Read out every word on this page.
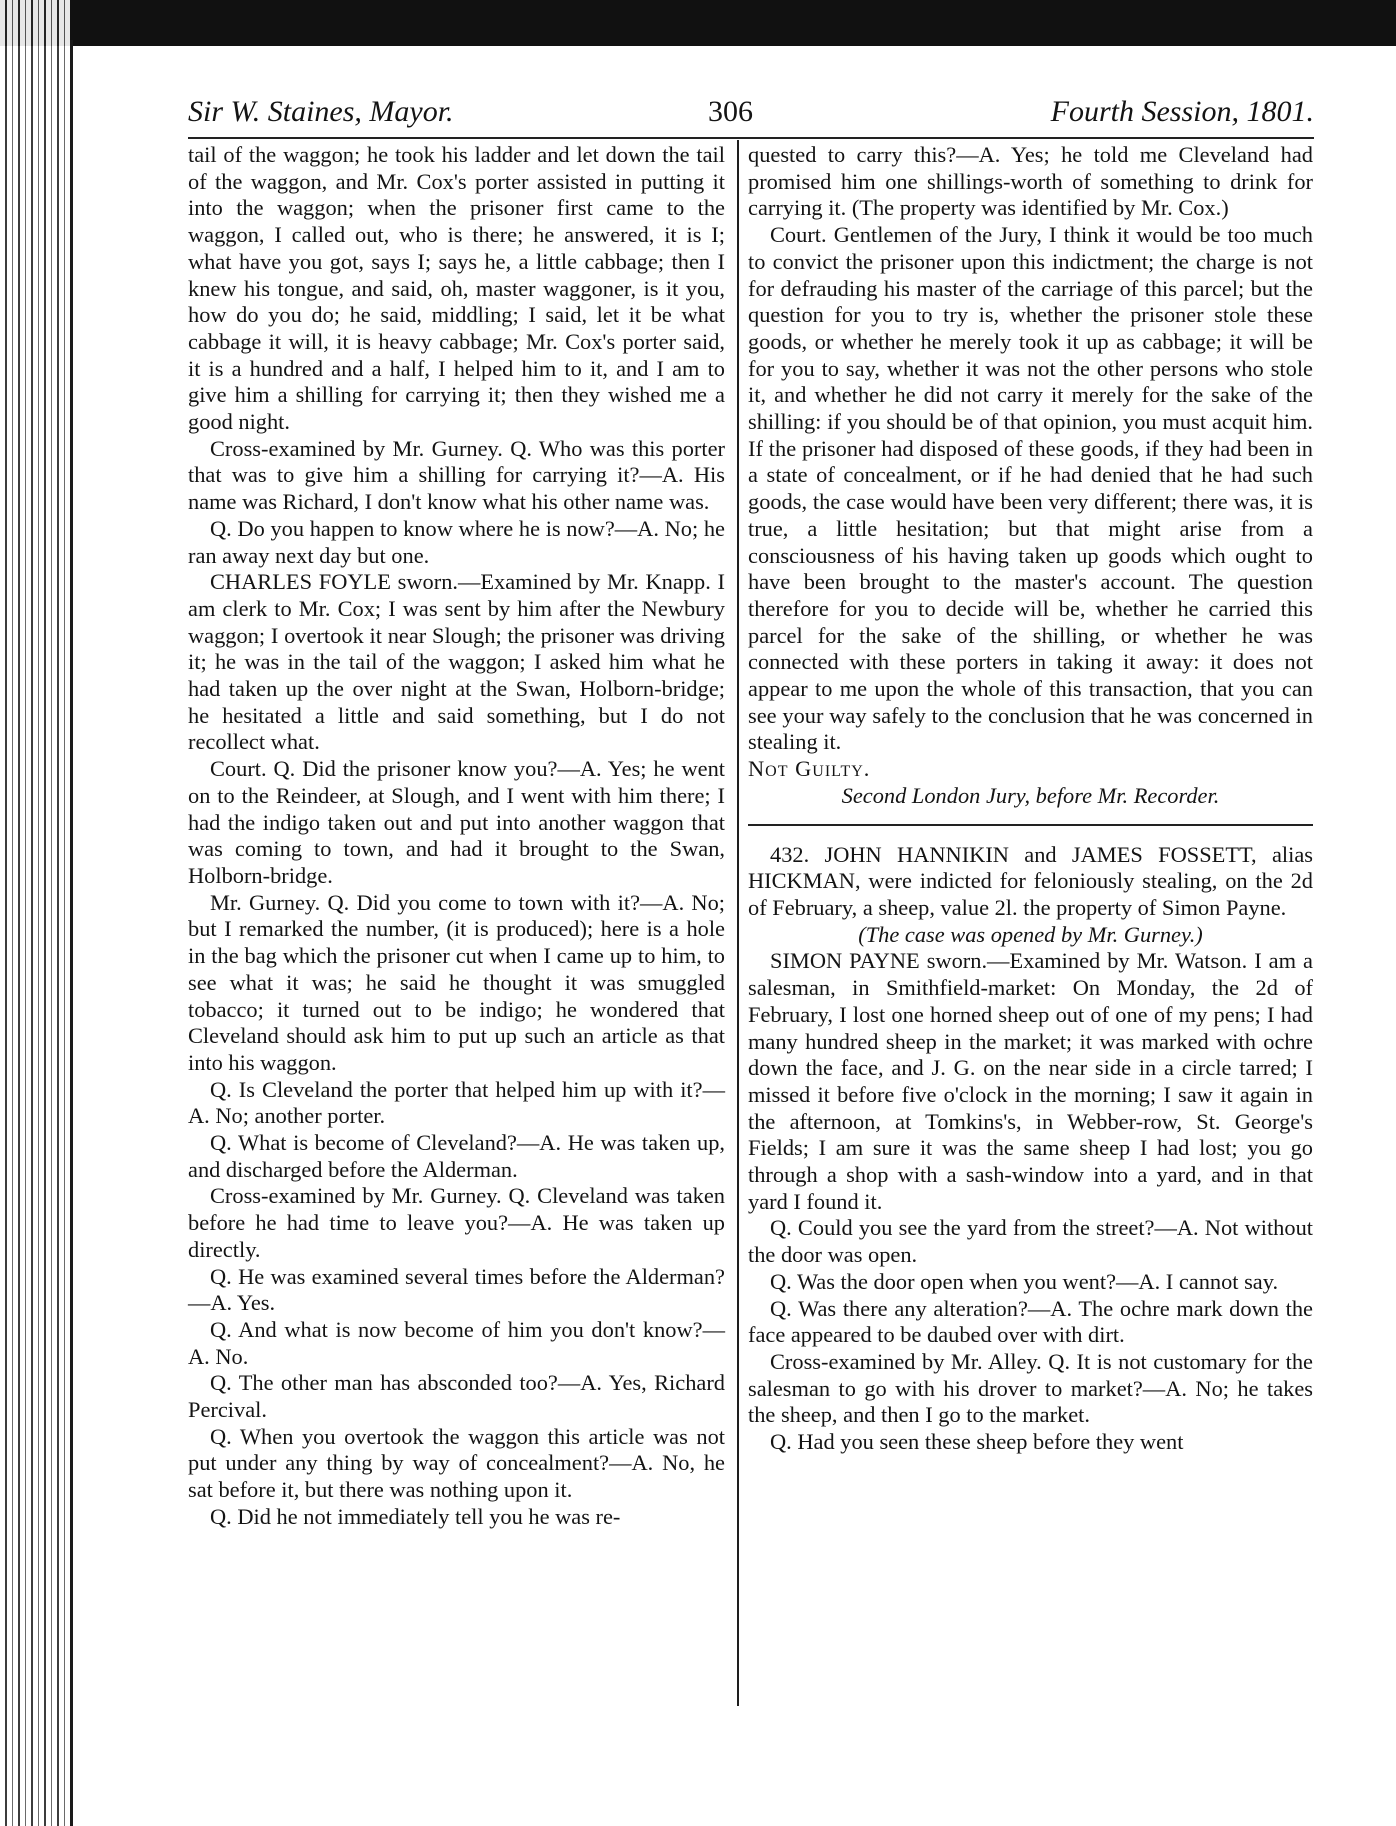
Sir W. Staines, Mayor.	306	Fourth Session, 1801.

tail of the waggon; he took his ladder and let down the tail of the waggon, and Mr. Cox's porter assisted in putting it into the waggon; when the prisoner first came to the waggon, I called out, who is there; he answered, it is I; what have you got, says I; says he, a little cabbage; then I knew his tongue, and said, oh, master waggoner, is it you, how do you do; he said, middling; I said, let it be what cabbage it will, it is heavy cabbage; Mr. Cox's porter said, it is a hundred and a half, I helped him to it, and I am to give him a shilling for carrying it; then they wished me a good night.

Cross-examined by Mr. Gurney. Q. Who was this porter that was to give him a shilling for carrying it?—A. His name was Richard, I don't know what his other name was.

Q. Do you happen to know where he is now?—A. No; he ran away next day but one.

CHARLES FOYLE sworn.—Examined by Mr. Knapp. I am clerk to Mr. Cox; I was sent by him after the Newbury waggon; I overtook it near Slough; the prisoner was driving it; he was in the tail of the waggon; I asked him what he had taken up the over night at the Swan, Holborn-bridge; he hesitated a little and said something, but I do not recollect what.

Court. Q. Did the prisoner know you?—A. Yes; he went on to the Reindeer, at Slough, and I went with him there; I had the indigo taken out and put into another waggon that was coming to town, and had it brought to the Swan, Holborn-bridge.

Mr. Gurney. Q. Did you come to town with it?—A. No; but I remarked the number, (it is produced); here is a hole in the bag which the prisoner cut when I came up to him, to see what it was; he said he thought it was smuggled tobacco; it turned out to be indigo; he wondered that Cleveland should ask him to put up such an article as that into his waggon.

Q. Is Cleveland the porter that helped him up with it?—A. No; another porter.

Q. What is become of Cleveland?—A. He was taken up, and discharged before the Alderman.

Cross-examined by Mr. Gurney. Q. Cleveland was taken before he had time to leave you?—A. He was taken up directly.

Q. He was examined several times before the Alderman?—A. Yes.

Q. And what is now become of him you don't know?—A. No.

Q. The other man has absconded too?—A. Yes, Richard Percival.

Q. When you overtook the waggon this article was not put under any thing by way of concealment?—A. No, he sat before it, but there was nothing upon it.

Q. Did he not immediately tell you he was re-

quested to carry this?—A. Yes; he told me Cleveland had promised him one shillings-worth of something to drink for carrying it. (The property was identified by Mr. Cox.)

Court. Gentlemen of the Jury, I think it would be too much to convict the prisoner upon this indictment; the charge is not for defrauding his master of the carriage of this parcel; but the question for you to try is, whether the prisoner stole these goods, or whether he merely took it up as cabbage; it will be for you to say, whether it was not the other persons who stole it, and whether he did not carry it merely for the sake of the shilling: if you should be of that opinion, you must acquit him. If the prisoner had disposed of these goods, if they had been in a state of concealment, or if he had denied that he had such goods, the case would have been very different; there was, it is true, a little hesitation; but that might arise from a consciousness of his having taken up goods which ought to have been brought to the master's account. The question therefore for you to decide will be, whether he carried this parcel for the sake of the shilling, or whether he was connected with these porters in taking it away: it does not appear to me upon the whole of this transaction, that you can see your way safely to the conclusion that he was concerned in stealing it.

Not Guilty.

Second London Jury, before Mr. Recorder.

432. JOHN HANNIKIN and JAMES FOSSETT, alias HICKMAN, were indicted for feloniously stealing, on the 2d of February, a sheep, value 2l. the property of Simon Payne.

(The case was opened by Mr. Gurney.)

SIMON PAYNE sworn.—Examined by Mr. Watson. I am a salesman, in Smithfield-market: On Monday, the 2d of February, I lost one horned sheep out of one of my pens; I had many hundred sheep in the market; it was marked with ochre down the face, and J. G. on the near side in a circle tarred; I missed it before five o'clock in the morning; I saw it again in the afternoon, at Tomkins's, in Webber-row, St. George's Fields; I am sure it was the same sheep I had lost; you go through a shop with a sash-window into a yard, and in that yard I found it.

Q. Could you see the yard from the street?—A. Not without the door was open.

Q. Was the door open when you went?—A. I cannot say.

Q. Was there any alteration?—A. The ochre mark down the face appeared to be daubed over with dirt.

Cross-examined by Mr. Alley. Q. It is not customary for the salesman to go with his drover to market?—A. No; he takes the sheep, and then I go to the market.

Q. Had you seen these sheep before they went
